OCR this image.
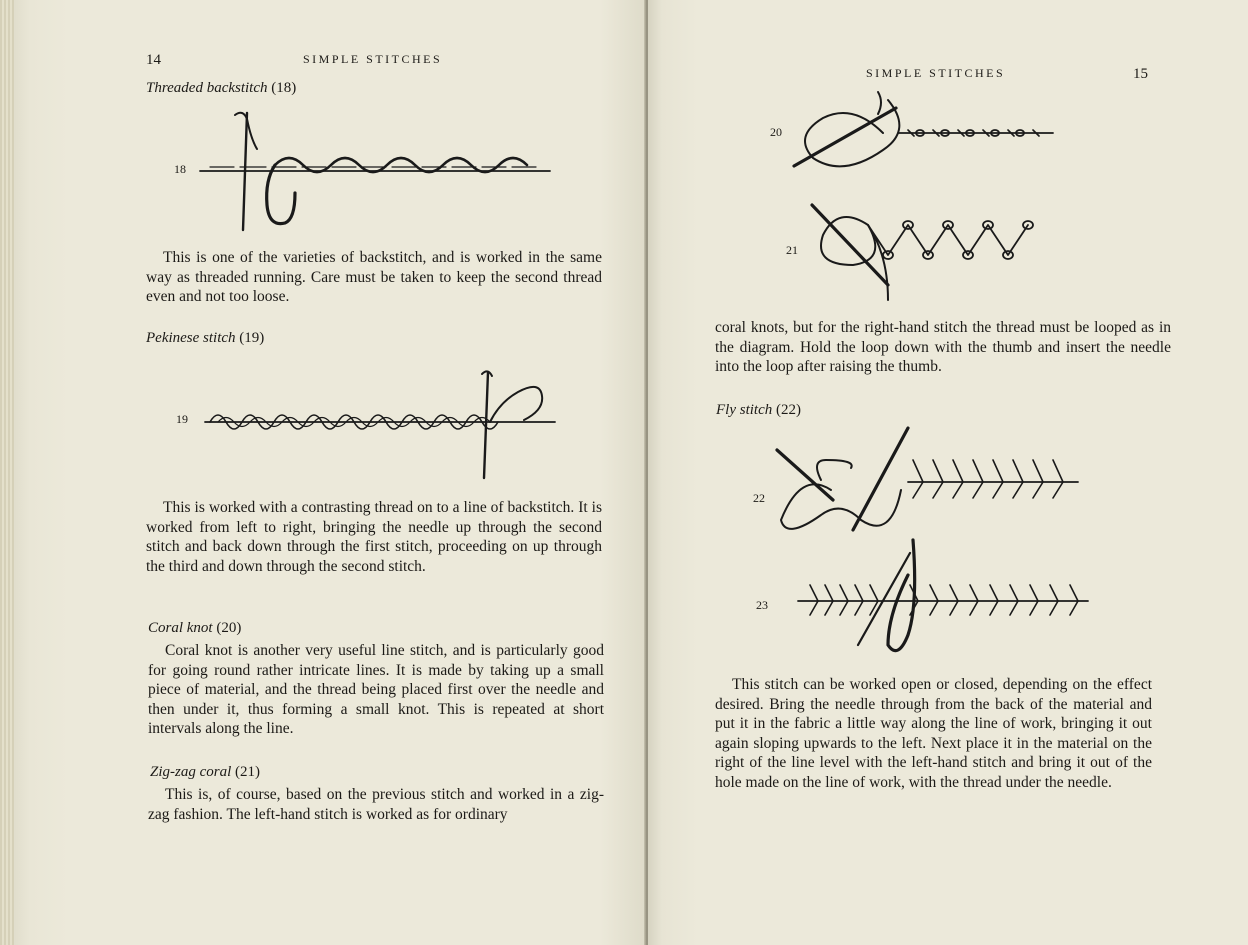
14	SIMPLE STITCHES
Threaded backstitch (18)
18

This is one of the varieties of backstitch, and is worked in the same way as threaded running. Care must be taken to keep the second thread even and not too loose.

Pekinese stitch (19)
19

This is worked with a contrasting thread on to a line of backstitch. It is worked from left to right, bringing the needle up through the second stitch and back down through the first stitch, proceeding on up through the third and down through the second stitch.

Coral knot (20)

Coral knot is another very useful line stitch, and is particularly good for going round rather intricate lines. It is made by taking up a small piece of material, and the thread being placed first over the needle and then under it, thus forming a small knot. This is repeated at short intervals along the line.

Zig-zag coral (21)

This is, of course, based on the previous stitch and worked in a zig-zag fashion. The left-hand stitch is worked as for ordinary

SIMPLE STITCHES	15
20
21

coral knots, but for the right-hand stitch the thread must be looped as in the diagram. Hold the loop down with the thumb and insert the needle into the loop after raising the thumb.

Fly stitch (22)
22
23

This stitch can be worked open or closed, depending on the effect desired. Bring the needle through from the back of the material and put it in the fabric a little way along the line of work, bringing it out again sloping upwards to the left. Next place it in the material on the right of the line level with the left-hand stitch and bring it out of the hole made on the line of work, with the thread under the needle.
